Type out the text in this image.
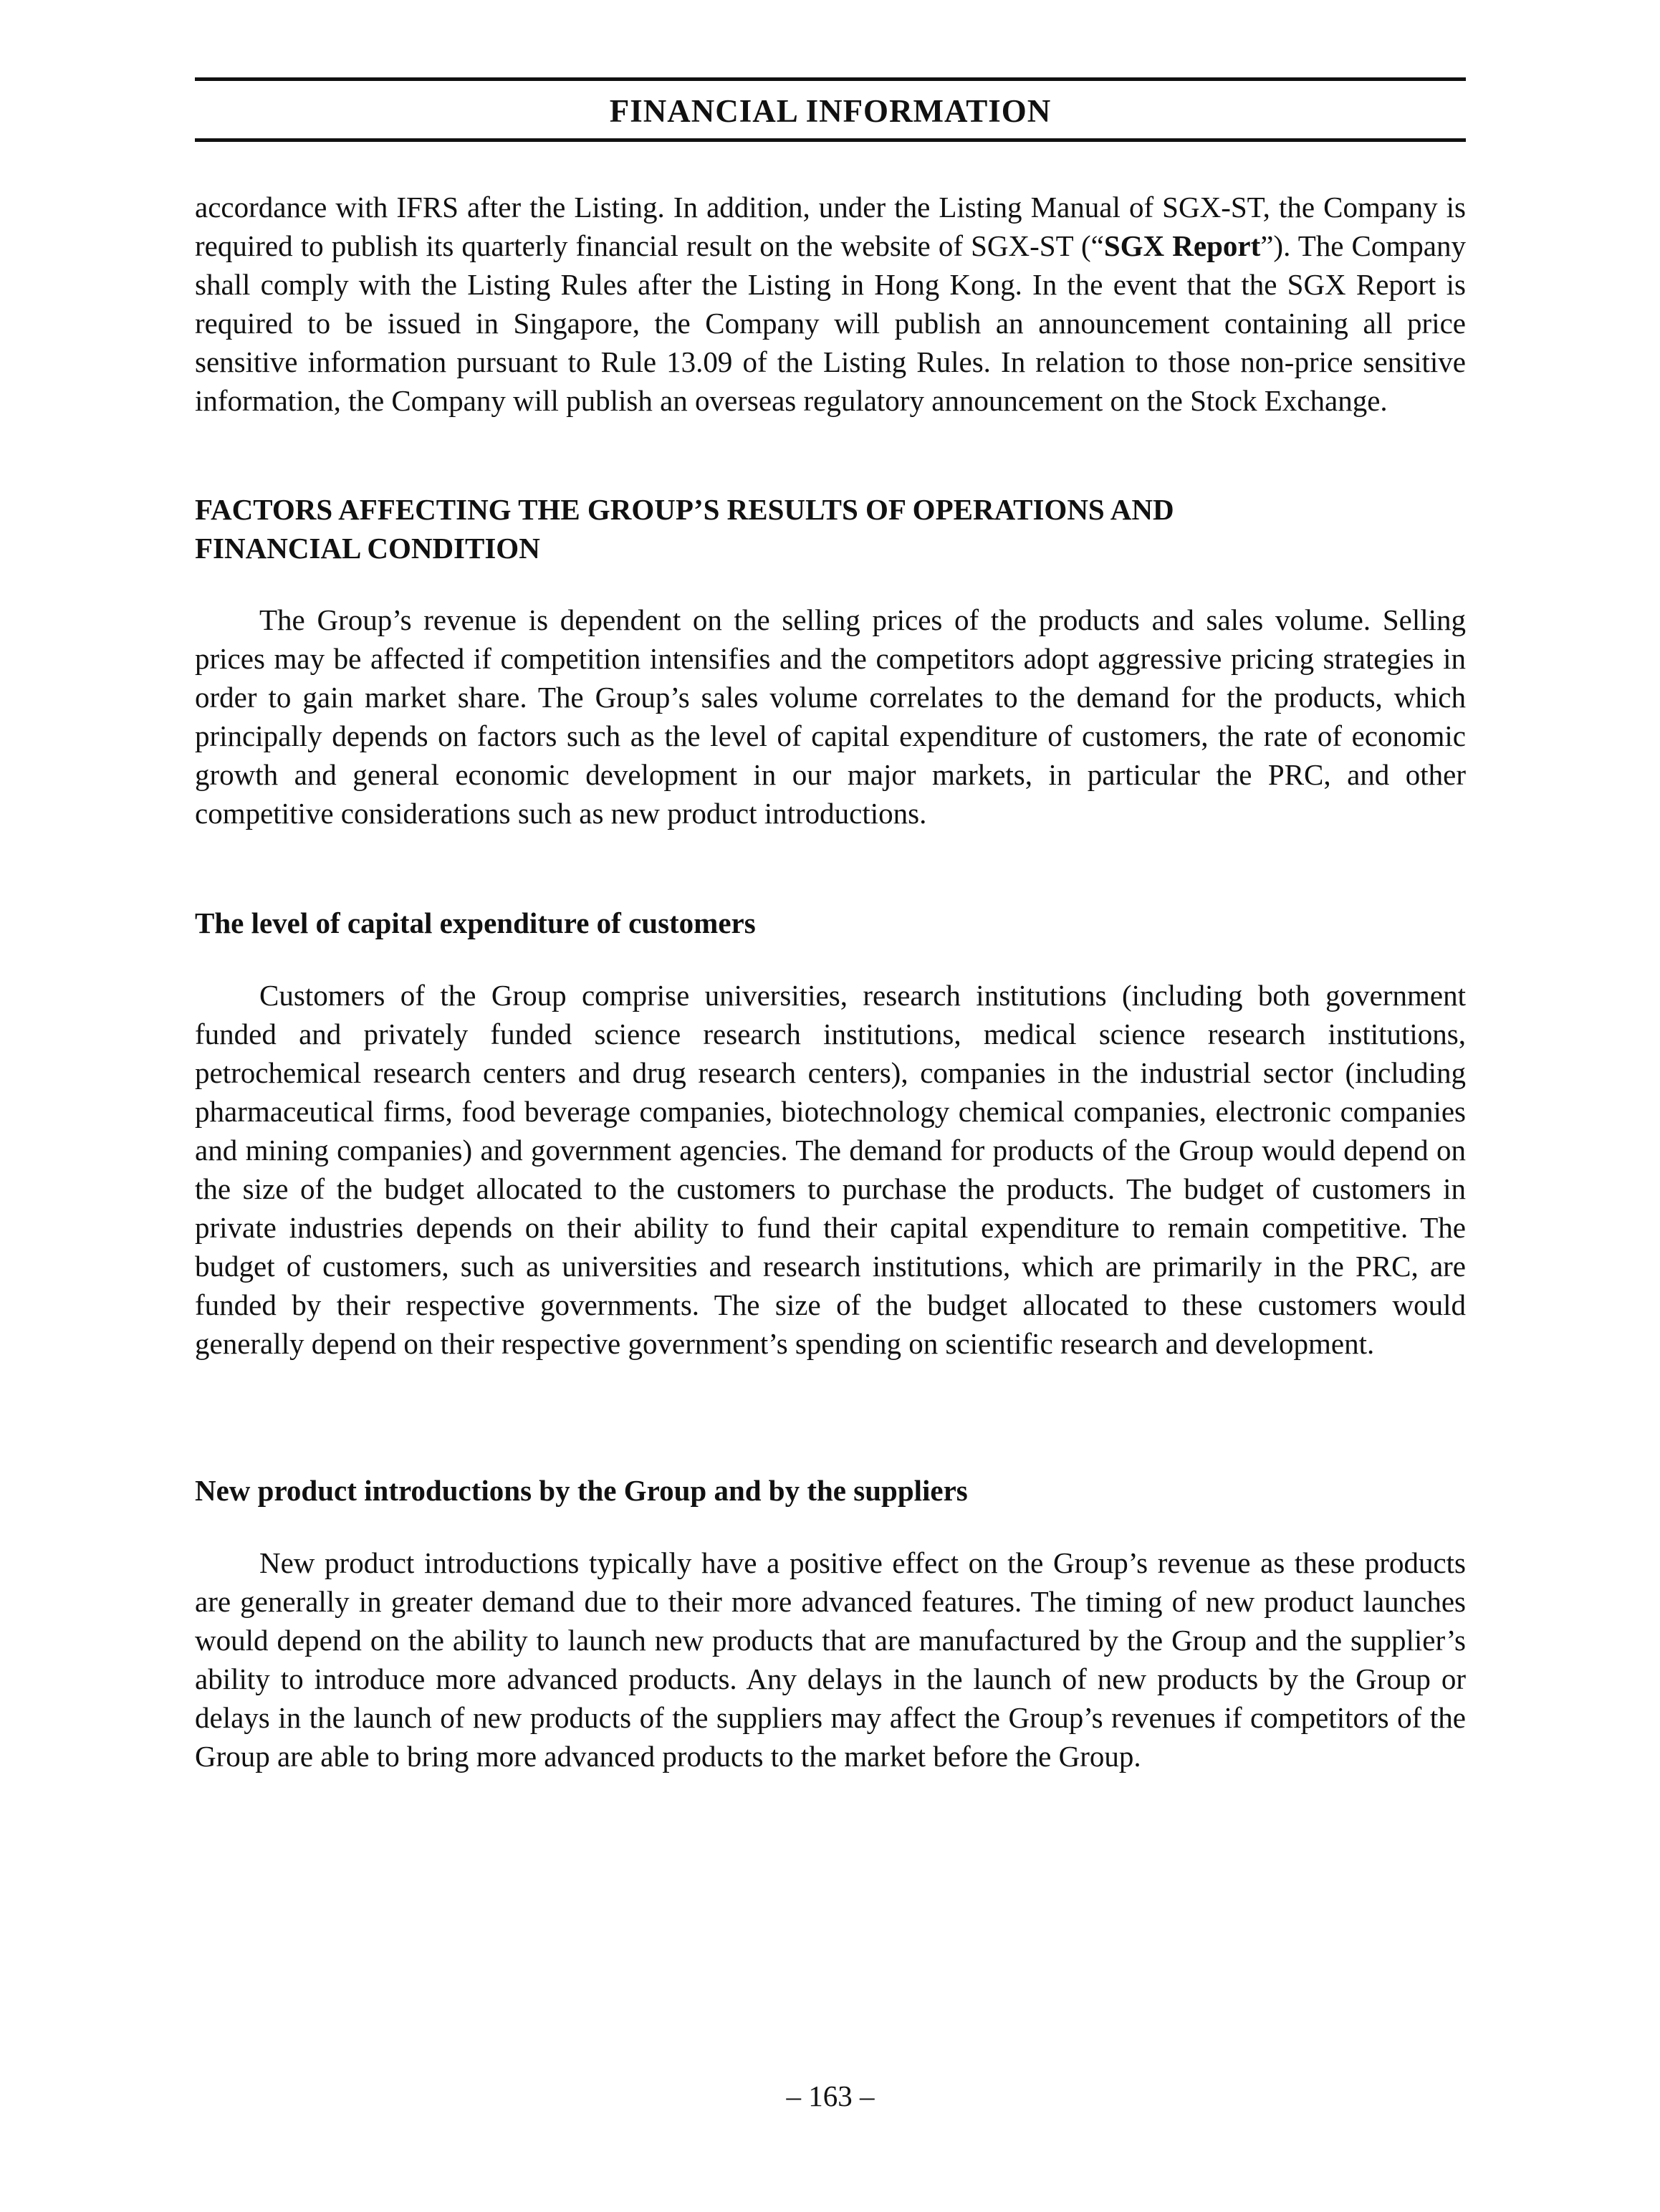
FINANCIAL INFORMATION

accordance with IFRS after the Listing. In addition, under the Listing Manual of SGX-ST, the Company is required to publish its quarterly financial result on the website of SGX-ST (“SGX Report”). The Company shall comply with the Listing Rules after the Listing in Hong Kong. In the event that the SGX Report is required to be issued in Singapore, the Company will publish an announcement containing all price sensitive information pursuant to Rule 13.09 of the Listing Rules. In relation to those non-price sensitive information, the Company will publish an overseas regulatory announcement on the Stock Exchange.

FACTORS AFFECTING THE GROUP’S RESULTS OF OPERATIONS AND
FINANCIAL CONDITION

The Group’s revenue is dependent on the selling prices of the products and sales volume. Selling prices may be affected if competition intensifies and the competitors adopt aggressive pricing strategies in order to gain market share. The Group’s sales volume correlates to the demand for the products, which principally depends on factors such as the level of capital expenditure of customers, the rate of economic growth and general economic development in our major markets, in particular the PRC, and other competitive considerations such as new product introductions.

The level of capital expenditure of customers

Customers of the Group comprise universities, research institutions (including both government funded and privately funded science research institutions, medical science research institutions, petrochemical research centers and drug research centers), companies in the industrial sector (including pharmaceutical firms, food beverage companies, biotechnology chemical companies, electronic companies and mining companies) and government agencies. The demand for products of the Group would depend on the size of the budget allocated to the customers to purchase the products. The budget of customers in private industries depends on their ability to fund their capital expenditure to remain competitive. The budget of customers, such as universities and research institutions, which are primarily in the PRC, are funded by their respective governments. The size of the budget allocated to these customers would generally depend on their respective government’s spending on scientific research and development.

New product introductions by the Group and by the suppliers

New product introductions typically have a positive effect on the Group’s revenue as these products are generally in greater demand due to their more advanced features. The timing of new product launches would depend on the ability to launch new products that are manufactured by the Group and the supplier’s ability to introduce more advanced products. Any delays in the launch of new products by the Group or delays in the launch of new products of the suppliers may affect the Group’s revenues if competitors of the Group are able to bring more advanced products to the market before the Group.

– 163 –
